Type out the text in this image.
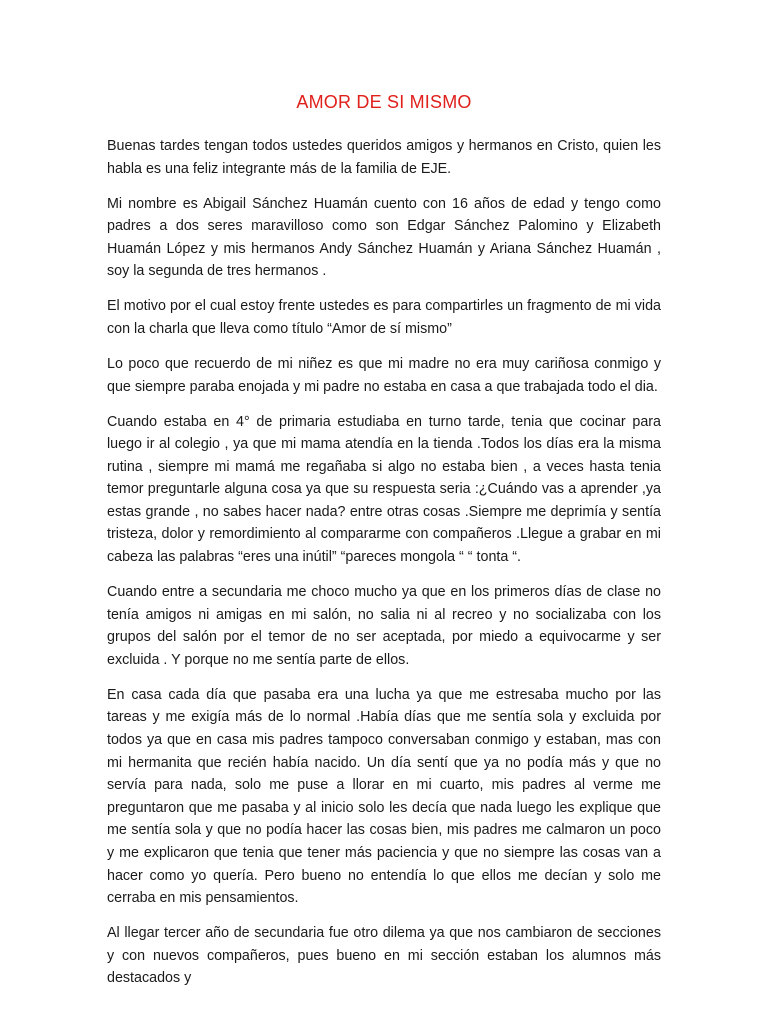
AMOR DE SI MISMO

Buenas tardes tengan todos ustedes queridos amigos y hermanos en Cristo, quien les habla es una feliz integrante más de la familia de EJE.

Mi nombre es Abigail Sánchez Huamán cuento con 16 años de edad y tengo como padres a dos seres maravilloso como son Edgar Sánchez Palomino y Elizabeth Huamán López y mis hermanos Andy Sánchez Huamán y Ariana Sánchez Huamán , soy la segunda de tres hermanos .

El motivo por el cual estoy frente ustedes es para compartirles un fragmento de mi vida con la charla que lleva como título “Amor de sí mismo”

Lo poco que recuerdo de mi niñez es que mi madre no era muy cariñosa conmigo y que siempre paraba enojada y mi padre no estaba en casa a que trabajada todo el dia.

Cuando estaba en 4° de primaria estudiaba en turno tarde, tenia que cocinar para luego ir al colegio , ya que mi mama atendía en la tienda .Todos los días era la misma rutina , siempre mi mamá me regañaba si algo no estaba bien , a veces hasta tenia temor preguntarle alguna cosa ya que su respuesta seria :¿Cuándo vas a aprender ,ya estas grande , no sabes hacer nada? entre otras cosas .Siempre me deprimía y sentía tristeza, dolor y remordimiento al compararme con compañeros .Llegue a grabar en mi cabeza las palabras “eres una inútil” “pareces mongola “ “ tonta “.

Cuando entre a secundaria me choco mucho ya que en los primeros días de clase no tenía amigos ni amigas en mi salón, no salia ni al recreo y no socializaba con los grupos del salón por el temor de no ser aceptada, por miedo a equivocarme y ser excluida . Y porque no me sentía parte de ellos.

En casa cada día que pasaba era una lucha ya que me estresaba mucho por las tareas y me exigía más de lo normal .Había días que me sentía sola y excluida por todos ya que en casa mis padres tampoco conversaban conmigo y estaban, mas con mi hermanita que recién había nacido. Un día sentí que ya no podía más y que no servía para nada, solo me puse a llorar en mi cuarto, mis padres al verme me preguntaron que me pasaba y al inicio solo les decía que nada luego les explique que me sentía sola y que no podía hacer las cosas bien, mis padres me calmaron un poco y me explicaron que tenia que tener más paciencia y que no siempre las cosas van a hacer como yo quería. Pero bueno no entendía lo que ellos me decían y solo me cerraba en mis pensamientos.

Al llegar tercer año de secundaria fue otro dilema ya que nos cambiaron de secciones y con nuevos compañeros, pues bueno en mi sección estaban los alumnos más destacados y
